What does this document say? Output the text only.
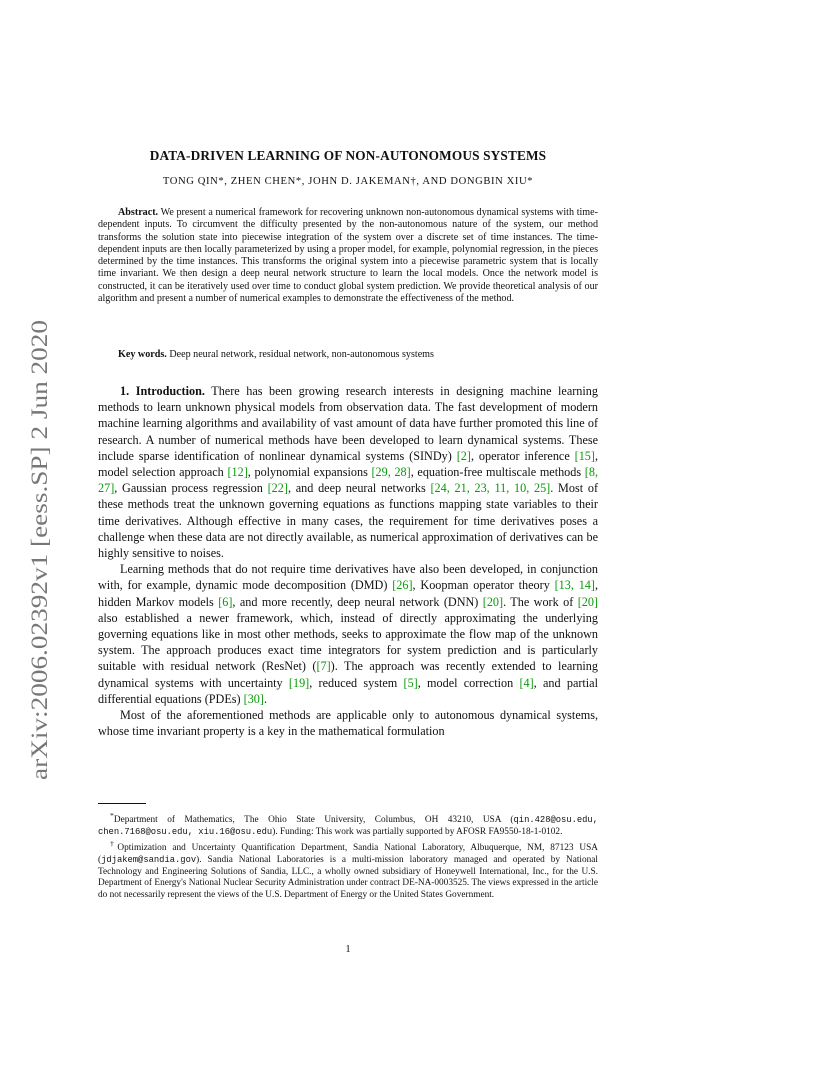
arXiv:2006.02392v1 [eess.SP] 2 Jun 2020
DATA-DRIVEN LEARNING OF NON-AUTONOMOUS SYSTEMS
TONG QIN*, ZHEN CHEN*, JOHN D. JAKEMAN†, AND DONGBIN XIU*
Abstract. We present a numerical framework for recovering unknown non-autonomous dynamical systems with time-dependent inputs. To circumvent the difficulty presented by the non-autonomous nature of the system, our method transforms the solution state into piecewise integration of the system over a discrete set of time instances. The time-dependent inputs are then locally parameterized by using a proper model, for example, polynomial regression, in the pieces determined by the time instances. This transforms the original system into a piecewise parametric system that is locally time invariant. We then design a deep neural network structure to learn the local models. Once the network model is constructed, it can be iteratively used over time to conduct global system prediction. We provide theoretical analysis of our algorithm and present a number of numerical examples to demonstrate the effectiveness of the method.
Key words. Deep neural network, residual network, non-autonomous systems

1. Introduction. There has been growing research interests in designing machine learning methods to learn unknown physical models from observation data. The fast development of modern machine learning algorithms and availability of vast amount of data have further promoted this line of research. A number of numerical methods have been developed to learn dynamical systems. These include sparse identification of nonlinear dynamical systems (SINDy) [2], operator inference [15], model selection approach [12], polynomial expansions [29, 28], equation-free multiscale methods [8, 27], Gaussian process regression [22], and deep neural networks [24, 21, 23, 11, 10, 25]. Most of these methods treat the unknown governing equations as functions mapping state variables to their time derivatives. Although effective in many cases, the requirement for time derivatives poses a challenge when these data are not directly available, as numerical approximation of derivatives can be highly sensitive to noises.

Learning methods that do not require time derivatives have also been developed, in conjunction with, for example, dynamic mode decomposition (DMD) [26], Koopman operator theory [13, 14], hidden Markov models [6], and more recently, deep neural network (DNN) [20]. The work of [20] also established a newer framework, which, instead of directly approximating the underlying governing equations like in most other methods, seeks to approximate the flow map of the unknown system. The approach produces exact time integrators for system prediction and is particularly suitable with residual network (ResNet) ([7]). The approach was recently extended to learning dynamical systems with uncertainty [19], reduced system [5], model correction [4], and partial differential equations (PDEs) [30].

Most of the aforementioned methods are applicable only to autonomous dynamical systems, whose time invariant property is a key in the mathematical formulation

*Department of Mathematics, The Ohio State University, Columbus, OH 43210, USA (qin.428@osu.edu, chen.7168@osu.edu, xiu.16@osu.edu). Funding: This work was partially supported by AFOSR FA9550-18-1-0102.

†Optimization and Uncertainty Quantification Department, Sandia National Laboratory, Albuquerque, NM, 87123 USA (jdjakem@sandia.gov). Sandia National Laboratories is a multi-mission laboratory managed and operated by National Technology and Engineering Solutions of Sandia, LLC., a wholly owned subsidiary of Honeywell International, Inc., for the U.S. Department of Energy's National Nuclear Security Administration under contract DE-NA-0003525. The views expressed in the article do not necessarily represent the views of the U.S. Department of Energy or the United States Government.

1
